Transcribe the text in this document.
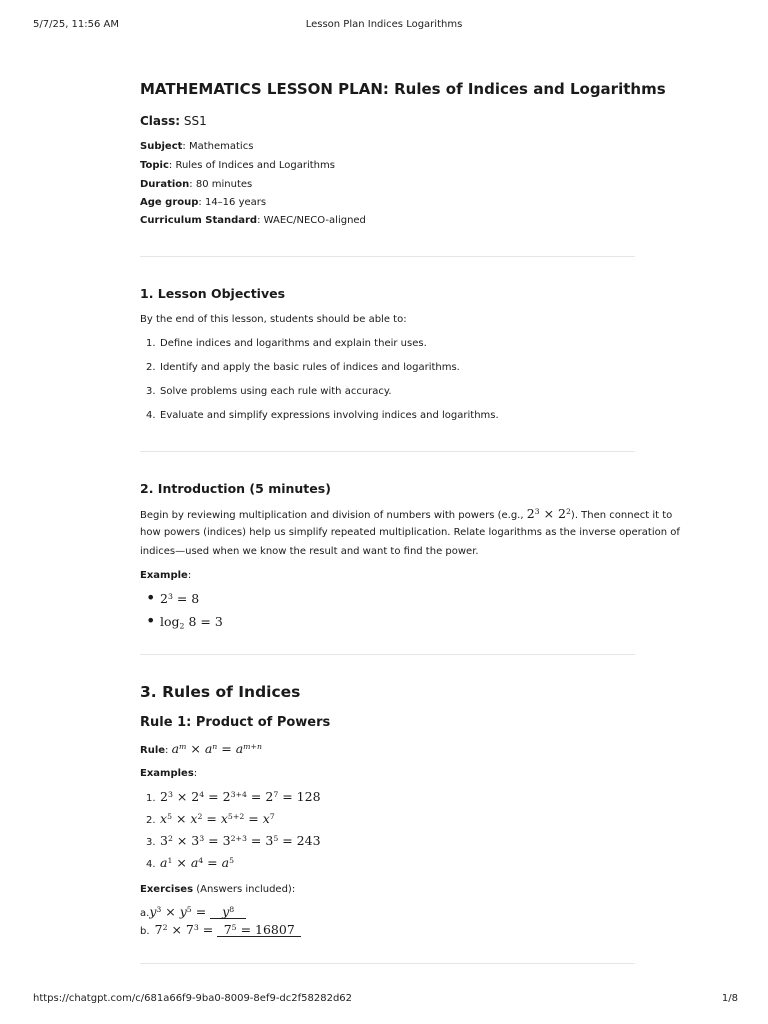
5/7/25, 11:56 AM	Lesson Plan Indices Logarithms
https://chatgpt.com/c/681a66f9-9ba0-8009-8ef9-dc2f58282d62	1/8
MATHEMATICS LESSON PLAN: Rules of Indices and Logarithms
Class: SS1
Subject: Mathematics
Topic: Rules of Indices and Logarithms
Duration: 80 minutes
Age group: 14–16 years
Curriculum Standard: WAEC/NECO-aligned
1. Lesson Objectives
By the end of this lesson, students should be able to:
1. Define indices and logarithms and explain their uses.
2. Identify and apply the basic rules of indices and logarithms.
3. Solve problems using each rule with accuracy.
4. Evaluate and simplify expressions involving indices and logarithms.
2. Introduction (5 minutes)
Begin by reviewing multiplication and division of numbers with powers (e.g., $2^3 \times 2^2$). Then connect it to
how powers (indices) help us simplify repeated multiplication. Relate logarithms as the inverse operation of
indices—used when we know the result and want to find the power.
Example:
• $2^3 = 8$
• $\log_2 8 = 3$
3. Rules of Indices
Rule 1: Product of Powers
Rule: $a^m \times a^n = a^{m+n}$
Examples:
1. $2^3 \times 2^4 = 2^{3+4} = 2^7 = 128$
2. $x^5 \times x^2 = x^{5+2} = x^7$
3. $3^2 \times 3^3 = 3^{2+3} = 3^5 = 243$
4. $a^1 \times a^4 = a^5$
Exercises (Answers included):
$a.y^3 \times y^5 = y^8$
b. $7^2 \times 7^3 = 7^5 = 16807$
